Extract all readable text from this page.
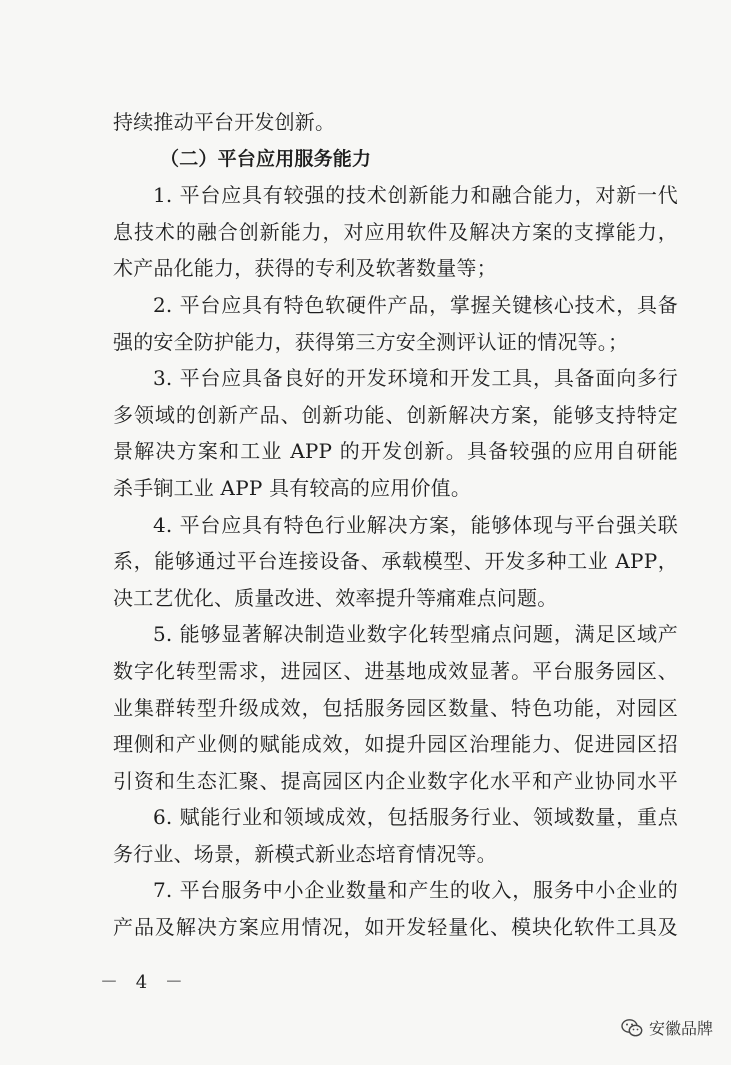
持续推动平台开发创新。
（二）平台应用服务能力
1. 平台应具有较强的技术创新能力和融合能力，对新一代
息技术的融合创新能力，对应用软件及解决方案的支撑能力，
术产品化能力，获得的专利及软著数量等；
2. 平台应具有特色软硬件产品，掌握关键核心技术，具备
强的安全防护能力，获得第三方安全测评认证的情况等。；
3. 平台应具备良好的开发环境和开发工具，具备面向多行
多领域的创新产品、创新功能、创新解决方案，能够支持特定
景解决方案和工业 APP 的开发创新。具备较强的应用自研能
杀手锏工业 APP 具有较高的应用价值。
4. 平台应具有特色行业解决方案，能够体现与平台强关联
系，能够通过平台连接设备、承载模型、开发多种工业 APP，
决工艺优化、质量改进、效率提升等痛难点问题。
5. 能够显著解决制造业数字化转型痛点问题，满足区域产
数字化转型需求，进园区、进基地成效显著。平台服务园区、
业集群转型升级成效，包括服务园区数量、特色功能，对园区
理侧和产业侧的赋能成效，如提升园区治理能力、促进园区招
引资和生态汇聚、提高园区内企业数字化水平和产业协同水平
6. 赋能行业和领域成效，包括服务行业、领域数量，重点
务行业、场景，新模式新业态培育情况等。
7. 平台服务中小企业数量和产生的收入，服务中小企业的
产品及解决方案应用情况，如开发轻量化、模块化软件工具及
－ 4 －
安徽品牌
